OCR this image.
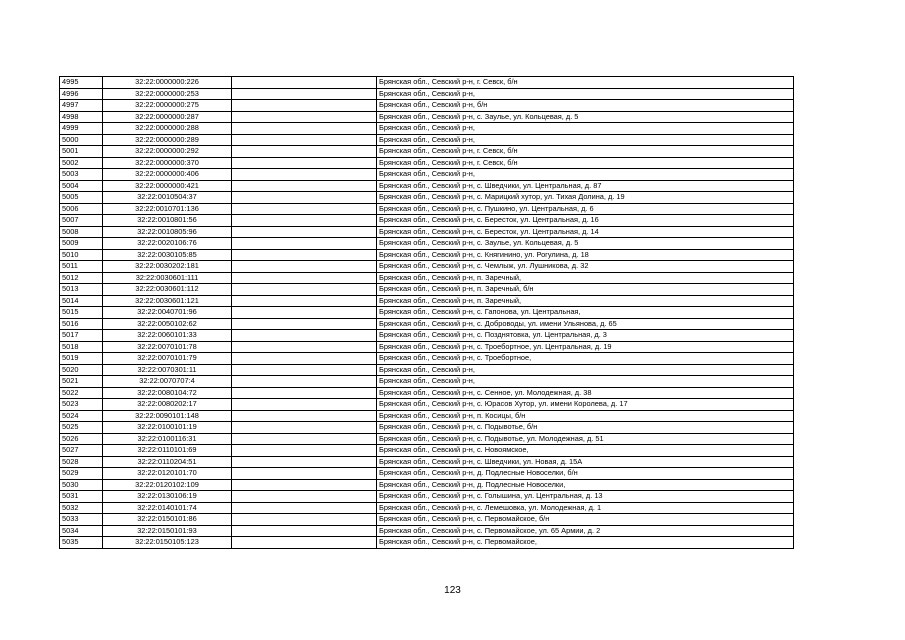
4995	32:22:0000000:226		Брянская обл., Севский р-н, г. Севск, б/н
4996	32:22:0000000:253		Брянская обл., Севский р-н,
4997	32:22:0000000:275		Брянская обл., Севский р-н, б/н
4998	32:22:0000000:287		Брянская обл., Севский р-н, с. Заулье, ул. Кольцевая, д. 5
4999	32:22:0000000:288		Брянская обл., Севский р-н,
5000	32:22:0000000:289		Брянская обл., Севский р-н,
5001	32:22:0000000:292		Брянская обл., Севский р-н, г. Севск, б/н
5002	32:22:0000000:370		Брянская обл., Севский р-н, г. Севск, б/н
5003	32:22:0000000:406		Брянская обл., Севский р-н,
5004	32:22:0000000:421		Брянская обл., Севский р-н, с. Шведчики, ул. Центральная, д. 87
5005	32:22:0010504:37		Брянская обл., Севский р-н, с. Марицкий хутор, ул. Тихая Долина, д. 19
5006	32:22:0010701:136		Брянская обл., Севский р-н, с. Пушкино, ул. Центральная, д. 6
5007	32:22:0010801:56		Брянская обл., Севский р-н, с. Бересток, ул. Центральная, д. 16
5008	32:22:0010805:96		Брянская обл., Севский р-н, с. Бересток, ул. Центральная, д. 14
5009	32:22:0020106:76		Брянская обл., Севский р-н, с. Заулье, ул. Кольцевая, д. 5
5010	32:22:0030105:85		Брянская обл., Севский р-н, с. Княгинино, ул. Рогулина, д. 18
5011	32:22:0030202:181		Брянская обл., Севский р-н, с. Чемлыж, ул. Лушникова, д. 32
5012	32:22:0030601:111		Брянская обл., Севский р-н, п. Заречный,
5013	32:22:0030601:112		Брянская обл., Севский р-н, п. Заречный, б/н
5014	32:22:0030601:121		Брянская обл., Севский р-н, п. Заречный,
5015	32:22:0040701:96		Брянская обл., Севский р-н, с. Гапонова, ул. Центральная,
5016	32:22:0050102:62		Брянская обл., Севский р-н, с. Доброводы, ул. имени Ульянова, д. 65
5017	32:22:0060101:33		Брянская обл., Севский р-н, с. Позднятовка, ул. Центральная, д. 3
5018	32:22:0070101:78		Брянская обл., Севский р-н, с. Троебортное, ул. Центральная, д. 19
5019	32:22:0070101:79		Брянская обл., Севский р-н, с. Троебортное,
5020	32:22:0070301:11		Брянская обл., Севский р-н,
5021	32:22:0070707:4		Брянская обл., Севский р-н,
5022	32:22:0080104:72		Брянская обл., Севский р-н, с. Сенное, ул. Молодежная, д. 38
5023	32:22:0080202:17		Брянская обл., Севский р-н, с. Юрасов Хутор, ул. имени Королева, д. 17
5024	32:22:0090101:148		Брянская обл., Севский р-н, п. Косицы, б/н
5025	32:22:0100101:19		Брянская обл., Севский р-н, с. Подывотье, б/н
5026	32:22:0100116:31		Брянская обл., Севский р-н, с. Подывотье, ул. Молодежная, д. 51
5027	32:22:0110101:69		Брянская обл., Севский р-н, с. Новоямское,
5028	32:22:0110204:51		Брянская обл., Севский р-н, с. Шведчики, ул. Новая, д. 15А
5029	32:22:0120101:70		Брянская обл., Севский р-н, д. Подлесные Новоселки, б/н
5030	32:22:0120102:109		Брянская обл., Севский р-н, д. Подлесные Новоселки,
5031	32:22:0130106:19		Брянская обл., Севский р-н, с. Голышина, ул. Центральная, д. 13
5032	32:22:0140101:74		Брянская обл., Севский р-н, с. Лемешовка, ул. Молодежная, д. 1
5033	32:22:0150101:86		Брянская обл., Севский р-н, с. Первомайское, б/н
5034	32:22:0150101:93		Брянская обл., Севский р-н, с. Первомайское, ул. 65 Армии, д. 2
5035	32:22:0150105:123		Брянская обл., Севский р-н, с. Первомайское,
123
